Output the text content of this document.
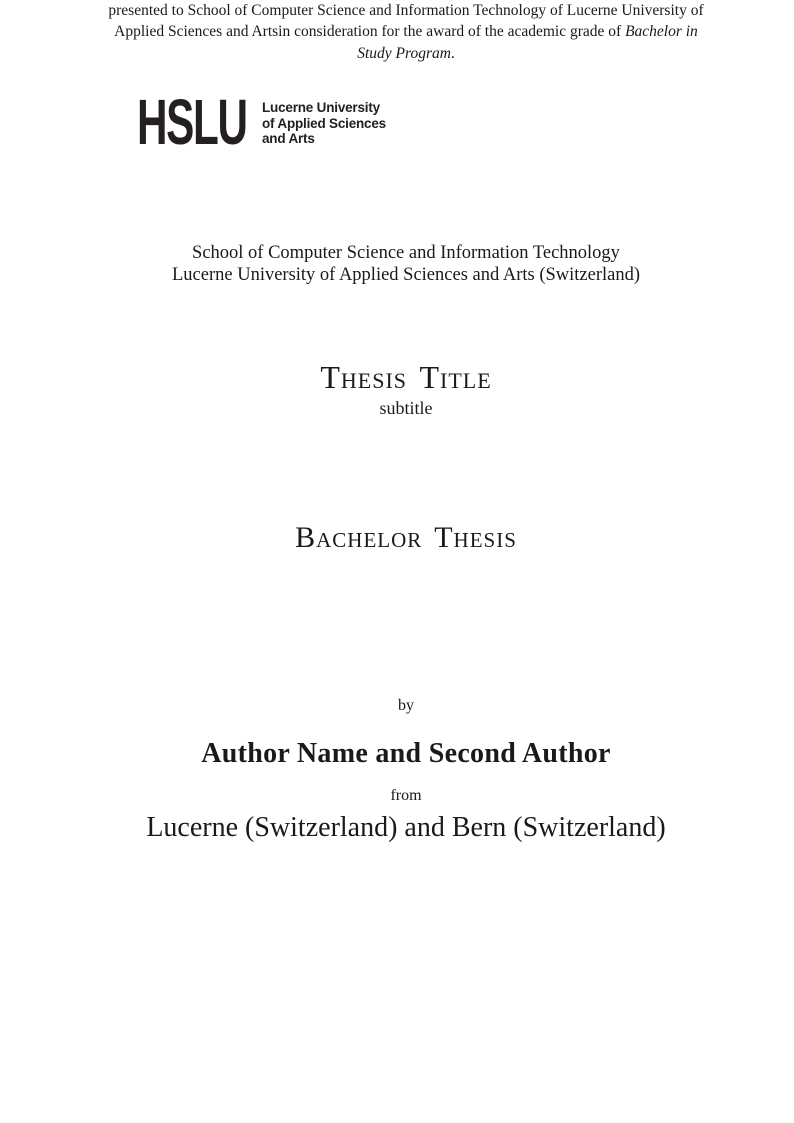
HSLU Lucerne University
of Applied Sciences
and Arts
School of Computer Science and Information Technology
Lucerne University of Applied Sciences and Arts (Switzerland)
Thesis Title
subtitle
Bachelor Thesis

presented to School of Computer Science and Information Technology of Lucerne University of Applied Sciences and Artsin consideration for the award of the academic grade of Bachelor in Study Program.

by
Author Name and Second Author
from
Lucerne (Switzerland) and Bern (Switzerland)
